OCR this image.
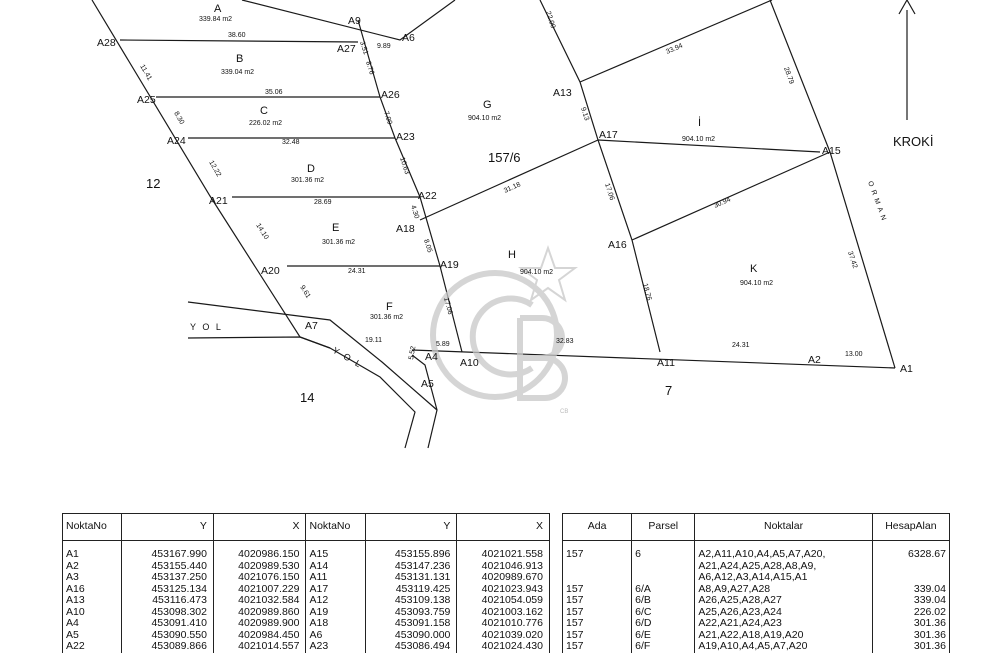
CB
157/6
12
14	7
KROKİ
Y O L
Y O L
O R M A N
A
B
C
D
E
F
G
H
İ
K
339.84 m2
339.04 m2
226.02 m2
301.36 m2
301.36 m2
301.36 m2
904.10 m2
904.10 m2
904.10 m2
904.10 m2
A1
A2
A4
A5
A6
A7
A9
A10	A11
A13
A15
A16
A17
A18
A19
A20
A21	A22
A23
A24
A25	A26
A27
A28
38.60
35.06
32.48
28.69
24.31
32.83
24.31
13.00
31.18
33.94
30.94
11.41
8.30
12.22
14.10
9.61
19.11
5.52
5.89
8.76
7.09
10.63
4.30
8.05
17.06
22.00
9.13
17.06
18.76
28.79
37.42
3.51 9.89
NoktaNo	Y	X	NoktaNo	Y	X
A1	453167.990	4020986.150	A15	453155.896	4021021.558
A2	453155.440	4020989.530	A14	453147.236	4021046.913
A3	453137.250	4021076.150	A11	453131.131	4020989.670
A16	453125.134	4021007.229	A17	453119.425	4021023.943
A13	453116.473	4021032.584	A12	453109.138	4021054.059
A10	453098.302	4020989.860	A19	453093.759	4021003.162
A4	453091.410	4020989.900	A18	453091.158	4021010.776
A5	453090.550	4020984.450	A6	453090.000	4021039.020
A22	453089.866	4021014.557	A23	453086.494	4021024.430
Ada	Parsel	Noktalar	HesapAlan
157	6	A2,A11,A10,A4,A5,A7,A20,
A21,A24,A25,A28,A8,A9,
A6,A12,A3,A14,A15,A1	6328.67
157	6/A	A8,A9,A27,A28	339.04
157	6/B	A26,A25,A28,A27	339.04
157	6/C	A25,A26,A23,A24	226.02
157	6/D	A22,A21,A24,A23	301.36
157	6/E	A21,A22,A18,A19,A20	301.36
157	6/F	A19,A10,A4,A5,A7,A20	301.36
